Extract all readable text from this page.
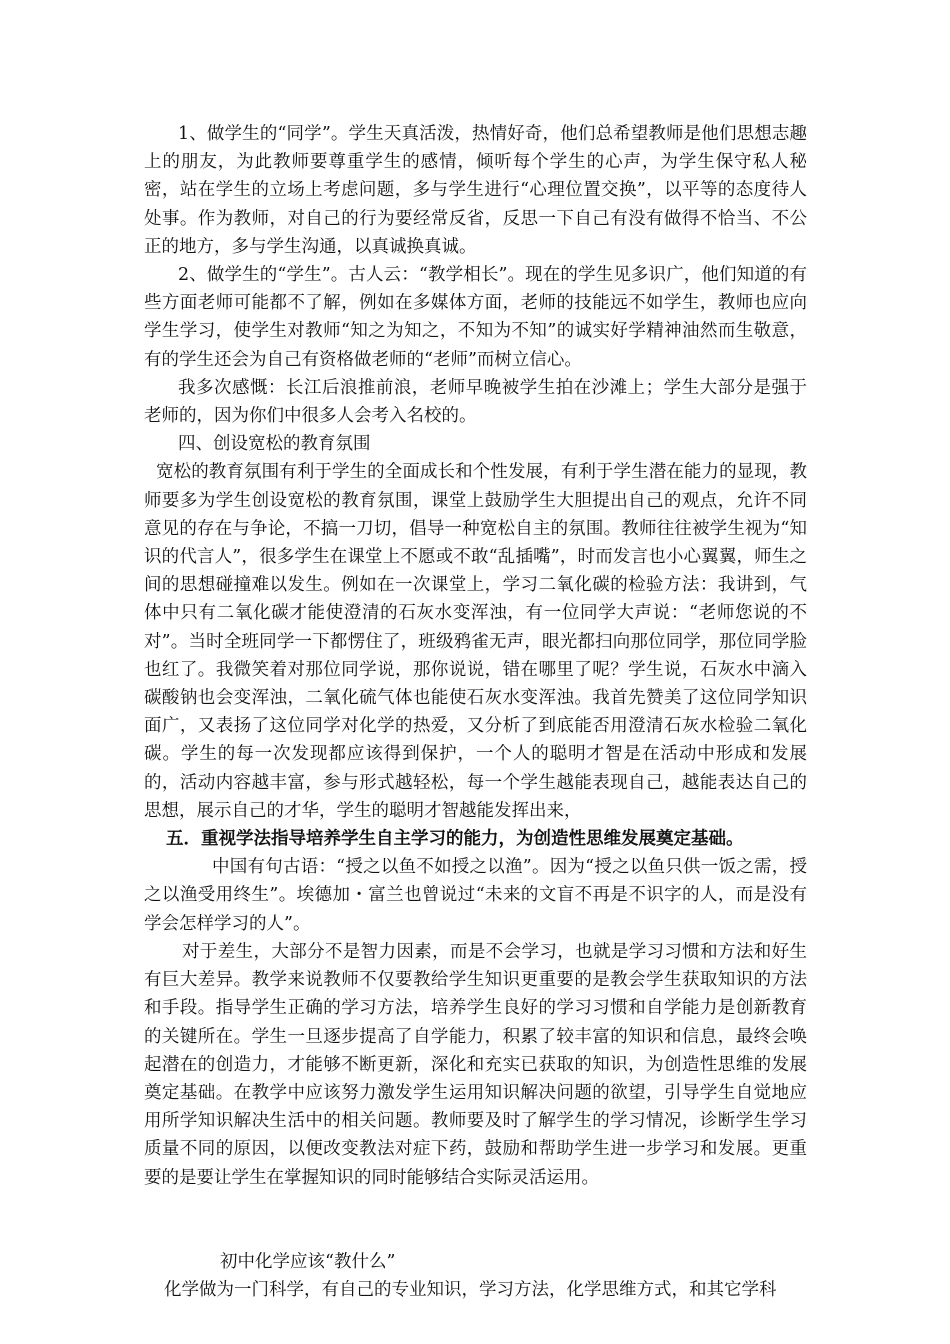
1、做学生的“同学”。学生天真活泼，热情好奇，他们总希望教师是他们思想志趣上的朋友，为此教师要尊重学生的感情，倾听每个学生的心声，为学生保守私人秘密，站在学生的立场上考虑问题，多与学生进行“心理位置交换”，以平等的态度待人处事。作为教师，对自己的行为要经常反省，反思一下自己有没有做得不恰当、不公正的地方，多与学生沟通，以真诚换真诚。

2、做学生的“学生”。古人云：“教学相长”。现在的学生见多识广，他们知道的有些方面老师可能都不了解，例如在多媒体方面，老师的技能远不如学生，教师也应向学生学习，使学生对教师“知之为知之，不知为不知”的诚实好学精神油然而生敬意，有的学生还会为自己有资格做老师的“老师”而树立信心。

我多次感慨：长江后浪推前浪，老师早晚被学生拍在沙滩上；学生大部分是强于老师的，因为你们中很多人会考入名校的。

四、创设宽松的教育氛围

宽松的教育氛围有利于学生的全面成长和个性发展，有利于学生潜在能力的显现，教师要多为学生创设宽松的教育氛围，课堂上鼓励学生大胆提出自己的观点，允许不同意见的存在与争论，不搞一刀切，倡导一种宽松自主的氛围。教师往往被学生视为“知识的代言人”，很多学生在课堂上不愿或不敢“乱插嘴”，时而发言也小心翼翼，师生之间的思想碰撞难以发生。例如在一次课堂上，学习二氧化碳的检验方法：我讲到，气体中只有二氧化碳才能使澄清的石灰水变浑浊，有一位同学大声说：“老师您说的不对”。当时全班同学一下都愣住了，班级鸦雀无声，眼光都扫向那位同学，那位同学脸也红了。我微笑着对那位同学说，那你说说，错在哪里了呢？学生说，石灰水中滴入碳酸钠也会变浑浊，二氧化硫气体也能使石灰水变浑浊。我首先赞美了这位同学知识面广，又表扬了这位同学对化学的热爱，又分析了到底能否用澄清石灰水检验二氧化碳。学生的每一次发现都应该得到保护，一个人的聪明才智是在活动中形成和发展的，活动内容越丰富，参与形式越轻松，每一个学生越能表现自己，越能表达自己的思想，展示自己的才华，学生的聪明才智越能发挥出来，

五．重视学法指导培养学生自主学习的能力，为创造性思维发展奠定基础。

中国有句古语：“授之以鱼不如授之以渔”。因为“授之以鱼只供一饭之需，授之以渔受用终生”。埃德加・富兰也曾说过“未来的文盲不再是不识字的人，而是没有学会怎样学习的人”。

对于差生，大部分不是智力因素，而是不会学习，也就是学习习惯和方法和好生有巨大差异。教学来说教师不仅要教给学生知识更重要的是教会学生获取知识的方法和手段。指导学生正确的学习方法，培养学生良好的学习习惯和自学能力是创新教育的关键所在。学生一旦逐步提高了自学能力，积累了较丰富的知识和信息，最终会唤起潜在的创造力，才能够不断更新，深化和充实已获取的知识，为创造性思维的发展奠定基础。在教学中应该努力激发学生运用知识解决问题的欲望，引导学生自觉地应用所学知识解决生活中的相关问题。教师要及时了解学生的学习情况，诊断学生学习质量不同的原因，以便改变教法对症下药，鼓励和帮助学生进一步学习和发展。更重要的是要让学生在掌握知识的同时能够结合实际灵活运用。

初中化学应该“教什么”

化学做为一门科学，有自己的专业知识，学习方法，化学思维方式，和其它学科
